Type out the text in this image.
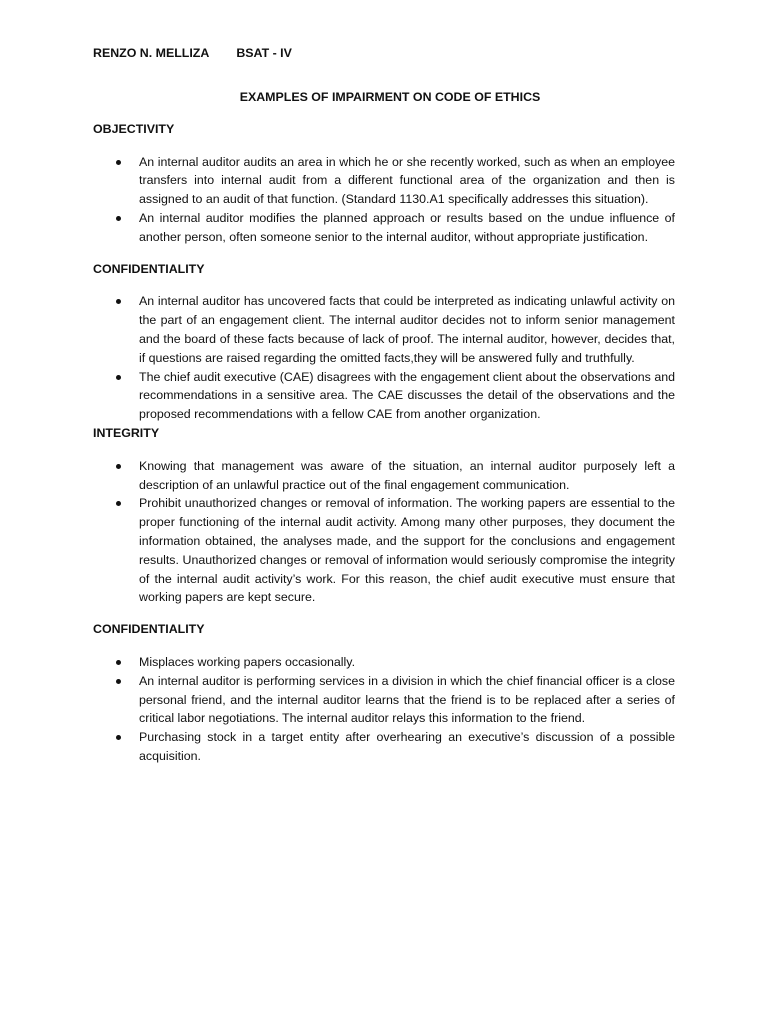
RENZO N. MELLIZA BSAT - IV
EXAMPLES OF IMPAIRMENT ON CODE OF ETHICS
OBJECTIVITY
An internal auditor audits an area in which he or she recently worked, such as when an employee transfers into internal audit from a different functional area of the organization and then is assigned to an audit of that function. (Standard 1130.A1 specifically addresses this situation).
An internal auditor modifies the planned approach or results based on the undue influence of another person, often someone senior to the internal auditor, without appropriate justification.
CONFIDENTIALITY
An internal auditor has uncovered facts that could be interpreted as indicating unlawful activity on the part of an engagement client. The internal auditor decides not to inform senior management and the board of these facts because of lack of proof. The internal auditor, however, decides that, if questions are raised regarding the omitted facts,they will be answered fully and truthfully.
The chief audit executive (CAE) disagrees with the engagement client about the observations and recommendations in a sensitive area. The CAE discusses the detail of the observations and the proposed recommendations with a fellow CAE from another organization.
INTEGRITY
Knowing that management was aware of the situation, an internal auditor purposely left a description of an unlawful practice out of the final engagement communication.
Prohibit unauthorized changes or removal of information. The working papers are essential to the proper functioning of the internal audit activity. Among many other purposes, they document the information obtained, the analyses made, and the support for the conclusions and engagement results. Unauthorized changes or removal of information would seriously compromise the integrity of the internal audit activity’s work. For this reason, the chief audit executive must ensure that working papers are kept secure.
CONFIDENTIALITY
Misplaces working papers occasionally.
An internal auditor is performing services in a division in which the chief financial officer is a close personal friend, and the internal auditor learns that the friend is to be replaced after a series of critical labor negotiations. The internal auditor relays this information to the friend.
Purchasing stock in a target entity after overhearing an executive’s discussion of a possible acquisition.
